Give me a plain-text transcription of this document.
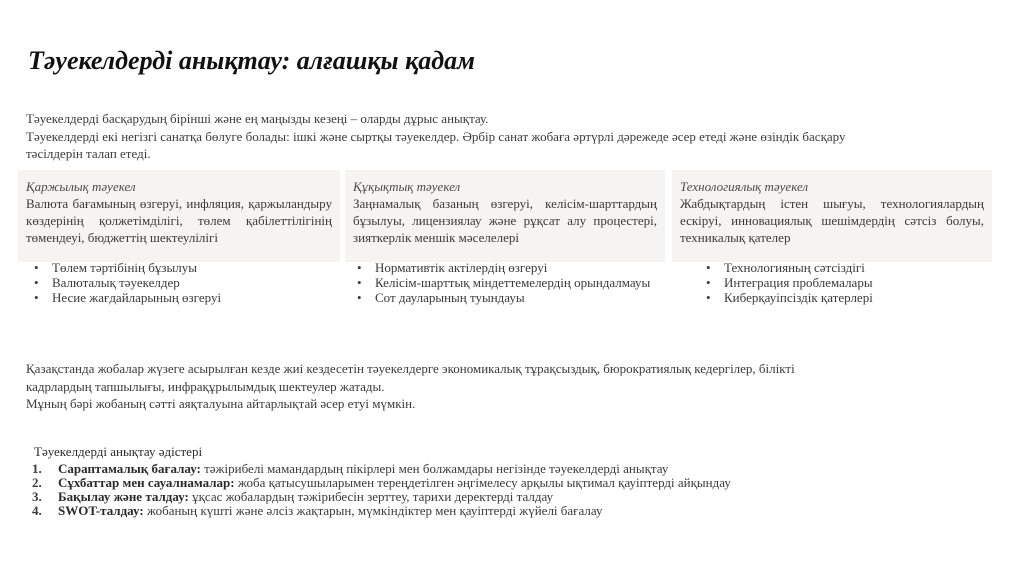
Тәуекелдерді анықтау: алғашқы қадам

Тәуекелдерді басқарудың бірінші және ең маңызды кезеңі – оларды дұрыс анықтау.

Тәуекелдерді екі негізгі санатқа бөлуге болады: ішкі және сыртқы тәуекелдер. Әрбір санат жобаға әртүрлі дәрежеде әсер етеді және өзіндік басқару тәсілдерін талап етеді.

Қаржылық тәуекел
Валюта бағамының өзгеруі, инфляция, қаржыландыру көздерінің қолжетімділігі, төлем қабілеттілігінің төмендеуі, бюджеттің шектеулілігі
Құқықтық тәуекел
Заңнамалық базаның өзгеруі, келісім-шарттардың бұзылуы, лицензиялау және рұқсат алу процестері, зияткерлік меншік мәселелері
Технологиялық тәуекел
Жабдықтардың істен шығуы, технологиялардың ескіруі, инновациялық шешімдердің сәтсіз болуы, техникалық қателер
• Төлем тәртібінің бұзылуы
• Валюталық тәуекелдер
• Несие жағдайларының өзгеруі
• Нормативтік актілердің өзгеруі
• Келісім-шарттық міндеттемелердің орындалмауы
• Сот дауларының туындауы
• Технологияның сәтсіздігі
• Интеграция проблемалары
• Киберқауіпсіздік қатерлері

Қазақстанда жобалар жүзеге асырылған кезде жиі кездесетін тәуекелдерге экономикалық тұрақсыздық, бюрократиялық кедергілер, білікті кадрлардың тапшылығы, инфрақұрылымдық шектеулер жатады.

Мұның бәрі жобаның сәтті аяқталуына айтарлықтай әсер етуі мүмкін.

Тәуекелдерді анықтау әдістері
1. Сараптамалық бағалау: тәжірибелі мамандардың пікірлері мен болжамдары негізінде тәуекелдерді анықтау
2. Сұхбаттар мен сауалнамалар: жоба қатысушыларымен тереңдетілген әңгімелесу арқылы ықтимал қауіптерді айқындау
3. Бақылау және талдау: ұқсас жобалардың тәжірибесін зерттеу, тарихи деректерді талдау
4. SWOT-талдау: жобаның күшті және әлсіз жақтарын, мүмкіндіктер мен қауіптерді жүйелі бағалау
